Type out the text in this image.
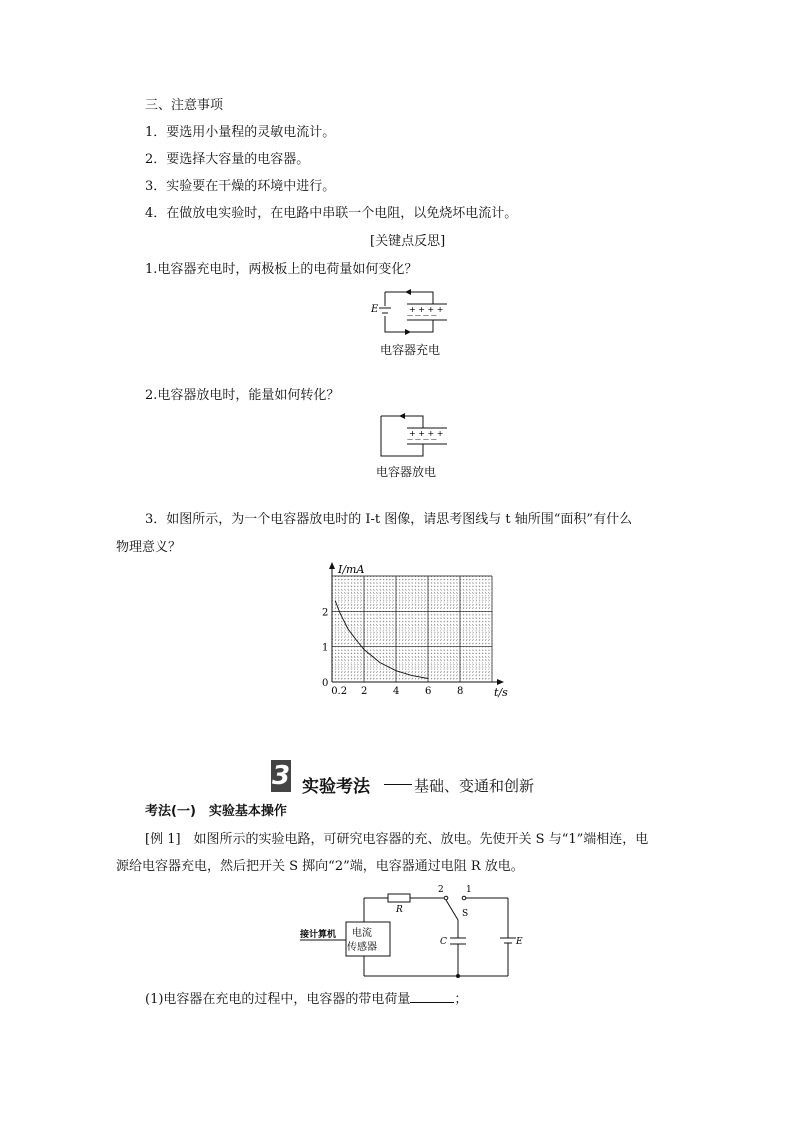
三、注意事项
1．要选用小量程的灵敏电流计。
2．要选择大容量的电容器。
3．实验要在干燥的环境中进行。
4．在做放电实验时，在电路中串联一个电阻，以免烧坏电流计。
[关键点反思]
1.电容器充电时，两极板上的电荷量如何变化？
E	+ + + +
— — — —
电容器充电
2.电容器放电时，能量如何转化？
+ + + +
— — — —
电容器放电
3．如图所示，为一个电容器放电时的 I-t 图像，请思考图线与 t 轴所围“面积”有什么
物理意义？
0.2 2	4	6	8
0
1
2
I/mA
t/s
3 实验考法	基础、变通和创新
考法(一)　实验基本操作
[例 1]　如图所示的实验电路，可研究电容器的充、放电。先使开关 S 与“1”端相连，电
源给电容器充电，然后把开关 S 掷向“2”端，电容器通过电阻 R 放电。
接计算机 电流
传感器
R
2 1
S
C	E
(1)电容器在充电的过程中，电容器的带电荷量	；
